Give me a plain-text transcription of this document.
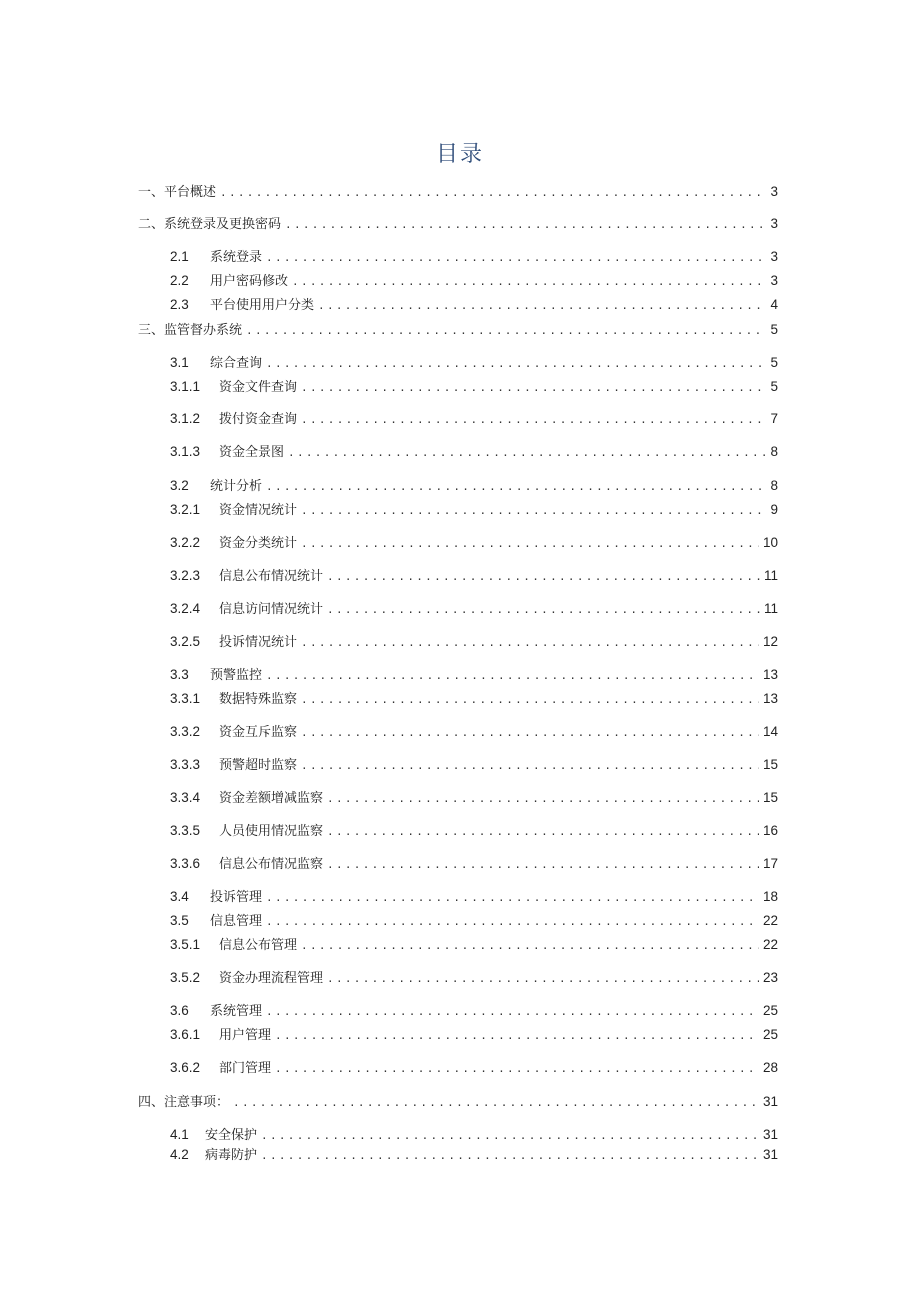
目录
一、平台概述 .....	3
二、系统登录及更换密码 .....	3
2.1	系统登录 .....	3
2.2	用户密码修改 .....	3
2.3	平台使用用户分类 .....	4
三、监管督办系统 .....	5
3.1	综合查询 .....	5
3.1.1	资金文件查询 .....	5
3.1.2	拨付资金查询 .....	7
3.1.3	资金全景图 .....	8
3.2	统计分析 .....	8
3.2.1	资金情况统计 .....	9
3.2.2	资金分类统计 .....	10
3.2.3	信息公布情况统计 .....	11
3.2.4	信息访问情况统计 .....	11
3.2.5	投诉情况统计 .....	12
3.3	预警监控 .....	13
3.3.1	数据特殊监察 .....	13
3.3.2	资金互斥监察 .....	14
3.3.3	预警超时监察 .....	15
3.3.4	资金差额增减监察 .....	15
3.3.5	人员使用情况监察 .....	16
3.3.6	信息公布情况监察 .....	17
3.4	投诉管理 .....	18
3.5	信息管理 .....	22
3.5.1	信息公布管理 .....	22
3.5.2	资金办理流程管理 .....	23
3.6	系统管理 .....	25
3.6.1	用户管理 .....	25
3.6.2	部门管理 .....	28
四、注意事项： .....	31
4.1	安全保护 .....	31
4.2	病毒防护 .....	31
